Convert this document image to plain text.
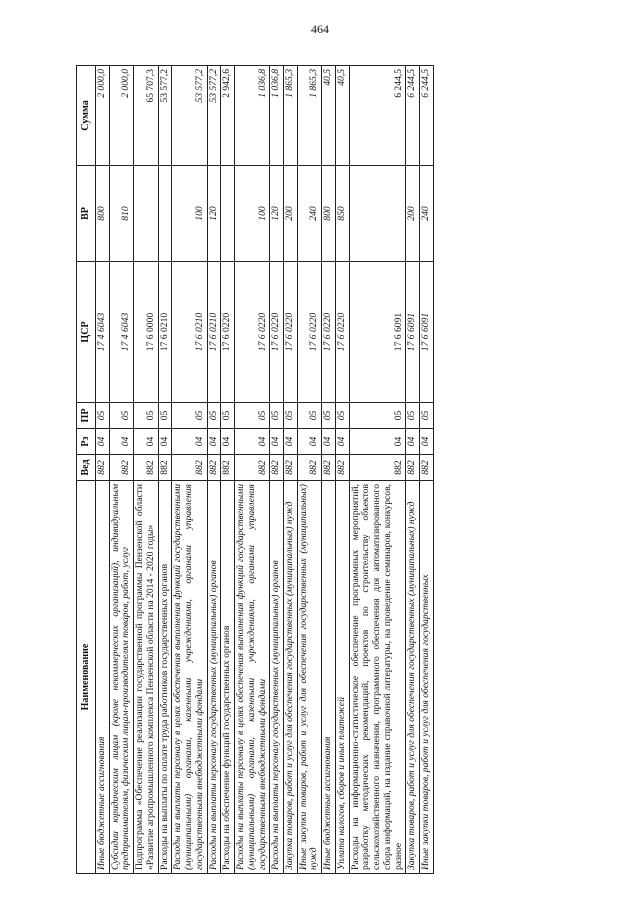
464
Наименование	Вед	Рз	ПР	ЦСР	ВР	Сумма
Иные бюджетные ассигнования	882	04	05	17 4 6043	800	2 000,0
Субсидии юридическим лицам (кроме некоммерческих организаций), индивидуальным предпринимателям, физическим лицам-производителям товаров, работ, услуг	882	04	05	17 4 6043	810	2 000,0
Подпрограмма «Обеспечение реализации государственной программы Пензенской области «Развитие агропромышленного комплекса Пензенской области на 2014 - 2020 годы»	882	04	05	17 6 0000		65 707,3
Расходы на выплаты по оплате труда работников государственных органов	882	04	05	17 6 0210		53 577,2
Расходы на выплаты персоналу в целях обеспечения выполнения функций государственными (муниципальными) органами, казенными учреждениями, органами управления государственными внебюджетными фондами	882	04	05	17 6 0210	100	53 577,2
Расходы на выплаты персоналу государственных (муниципальных) органов	882	04	05	17 6 0210	120	53 577,2
Расходы на обеспечение функций государственных органов	882	04	05	17 6 0220		2 942,6
Расходы на выплаты персоналу в целях обеспечения выполнения функций государственными (муниципальными) органами, казенными учреждениями, органами управления государственными внебюджетными фондами	882	04	05	17 6 0220	100	1 036,8
Расходы на выплаты персоналу государственных (муниципальных) органов	882	04	05	17 6 0220	120	1 036,8
Закупка товаров, работ и услуг для обеспечения государственных (муниципальных) нужд	882	04	05	17 6 0220	200	1 865,3
Иные закупки товаров, работ и услуг для обеспечения государственных (муниципальных) нужд	882	04	05	17 6 0220	240	1 865,3
Иные бюджетные ассигнования	882	04	05	17 6 0220	800	40,5
Уплата налогов, сборов и иных платежей	882	04	05	17 6 0220	850	40,5
Расходы на информационно-статистическое обеспечение программных мероприятий, разработку методических рекомендаций, проектов по строительству объектов сельскохозяйственного назначения, программного обеспечения для автоматизированного сбора информаций, на издание справочной литературы, на проведение семинаров, конкурсов, разное	882	04	05	17 6 6091		6 244,5
Закупка товаров, работ и услуг для обеспечения государственных (муниципальных) нужд	882	04	05	17 6 6091	200	6 244,5
Иные закупки товаров, работ и услуг для обеспечения государственных	882	04	05	17 6 6091	240	6 244,5
